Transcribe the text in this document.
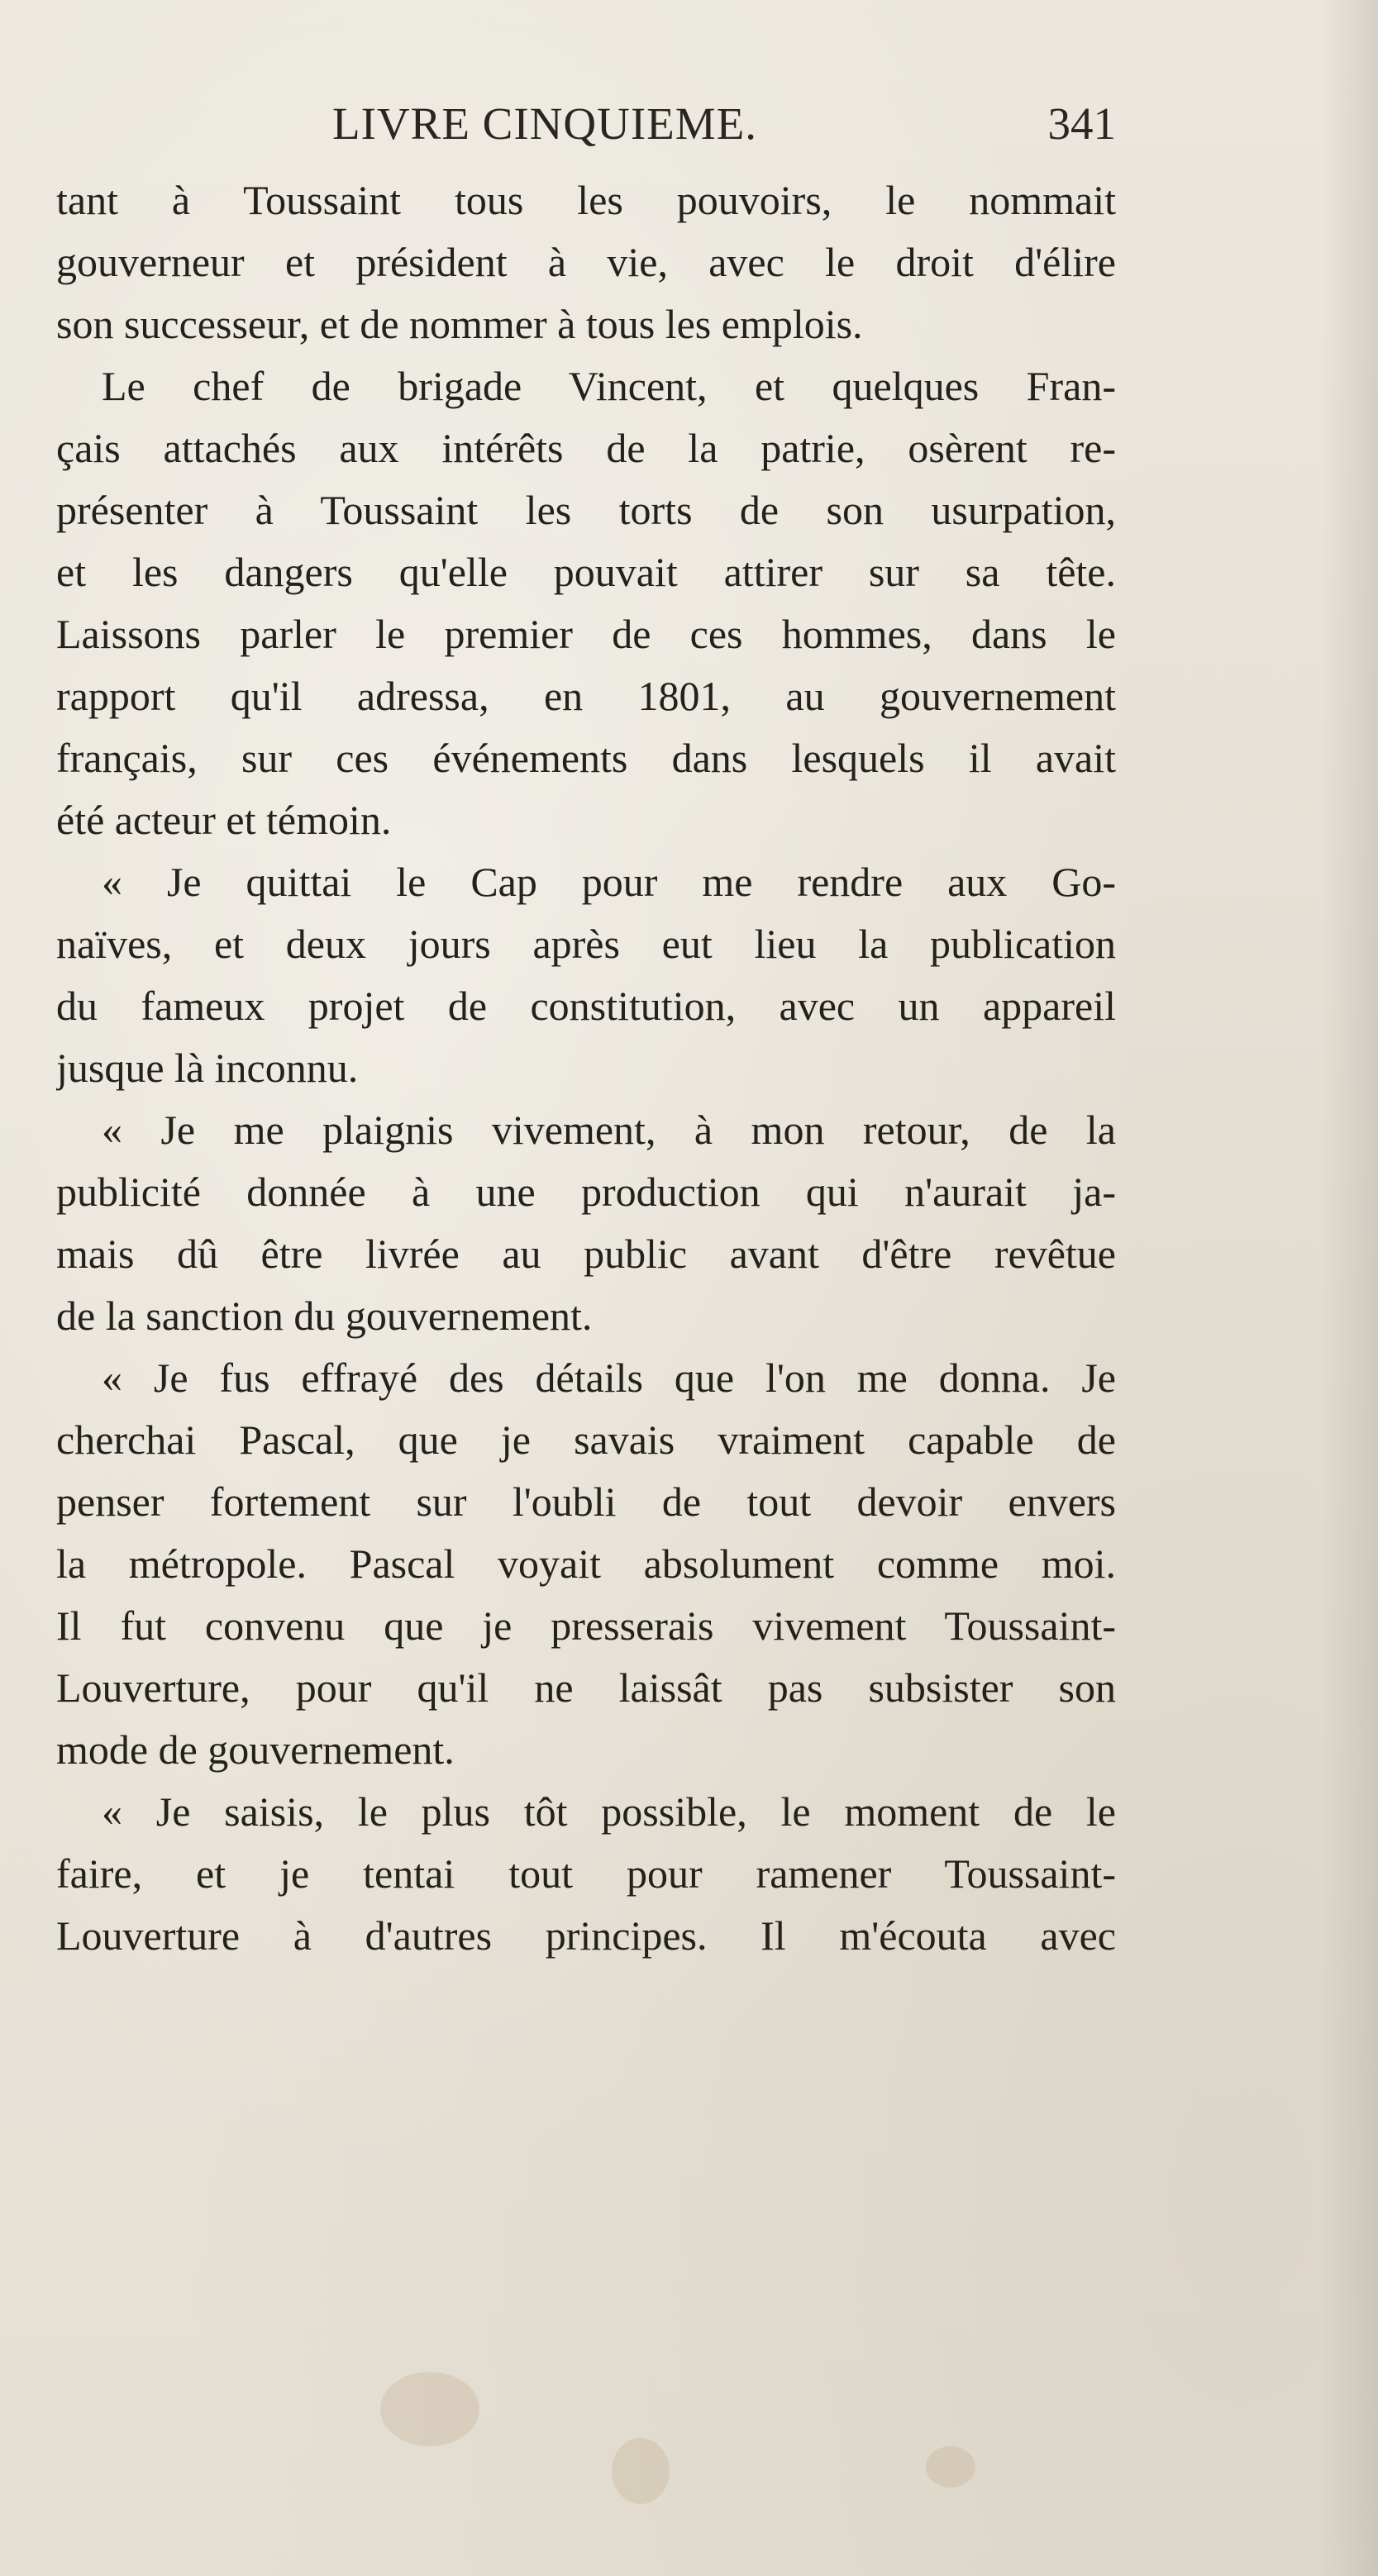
LIVRE CINQUIEME.	341
tant à Toussaint tous les pouvoirs, le nommait
gouverneur et président à vie, avec le droit d'élire
son successeur, et de nommer à tous les emplois.
Le chef de brigade Vincent, et quelques Fran-
çais attachés aux intérêts de la patrie, osèrent re-
présenter à Toussaint les torts de son usurpation,
et les dangers qu'elle pouvait attirer sur sa tête.
Laissons parler le premier de ces hommes, dans le
rapport qu'il adressa, en 1801, au gouvernement
français, sur ces événements dans lesquels il avait
été acteur et témoin.
« Je quittai le Cap pour me rendre aux Go-
naïves, et deux jours après eut lieu la publication
du fameux projet de constitution, avec un appareil
jusque là inconnu.
« Je me plaignis vivement, à mon retour, de la
publicité donnée à une production qui n'aurait ja-
mais dû être livrée au public avant d'être revêtue
de la sanction du gouvernement.
« Je fus effrayé des détails que l'on me donna. Je
cherchai Pascal, que je savais vraiment capable de
penser fortement sur l'oubli de tout devoir envers
la métropole. Pascal voyait absolument comme moi.
Il fut convenu que je presserais vivement Toussaint-
Louverture, pour qu'il ne laissât pas subsister son
mode de gouvernement.
« Je saisis, le plus tôt possible, le moment de le
faire, et je tentai tout pour ramener Toussaint-
Louverture à d'autres principes. Il m'écouta avec
